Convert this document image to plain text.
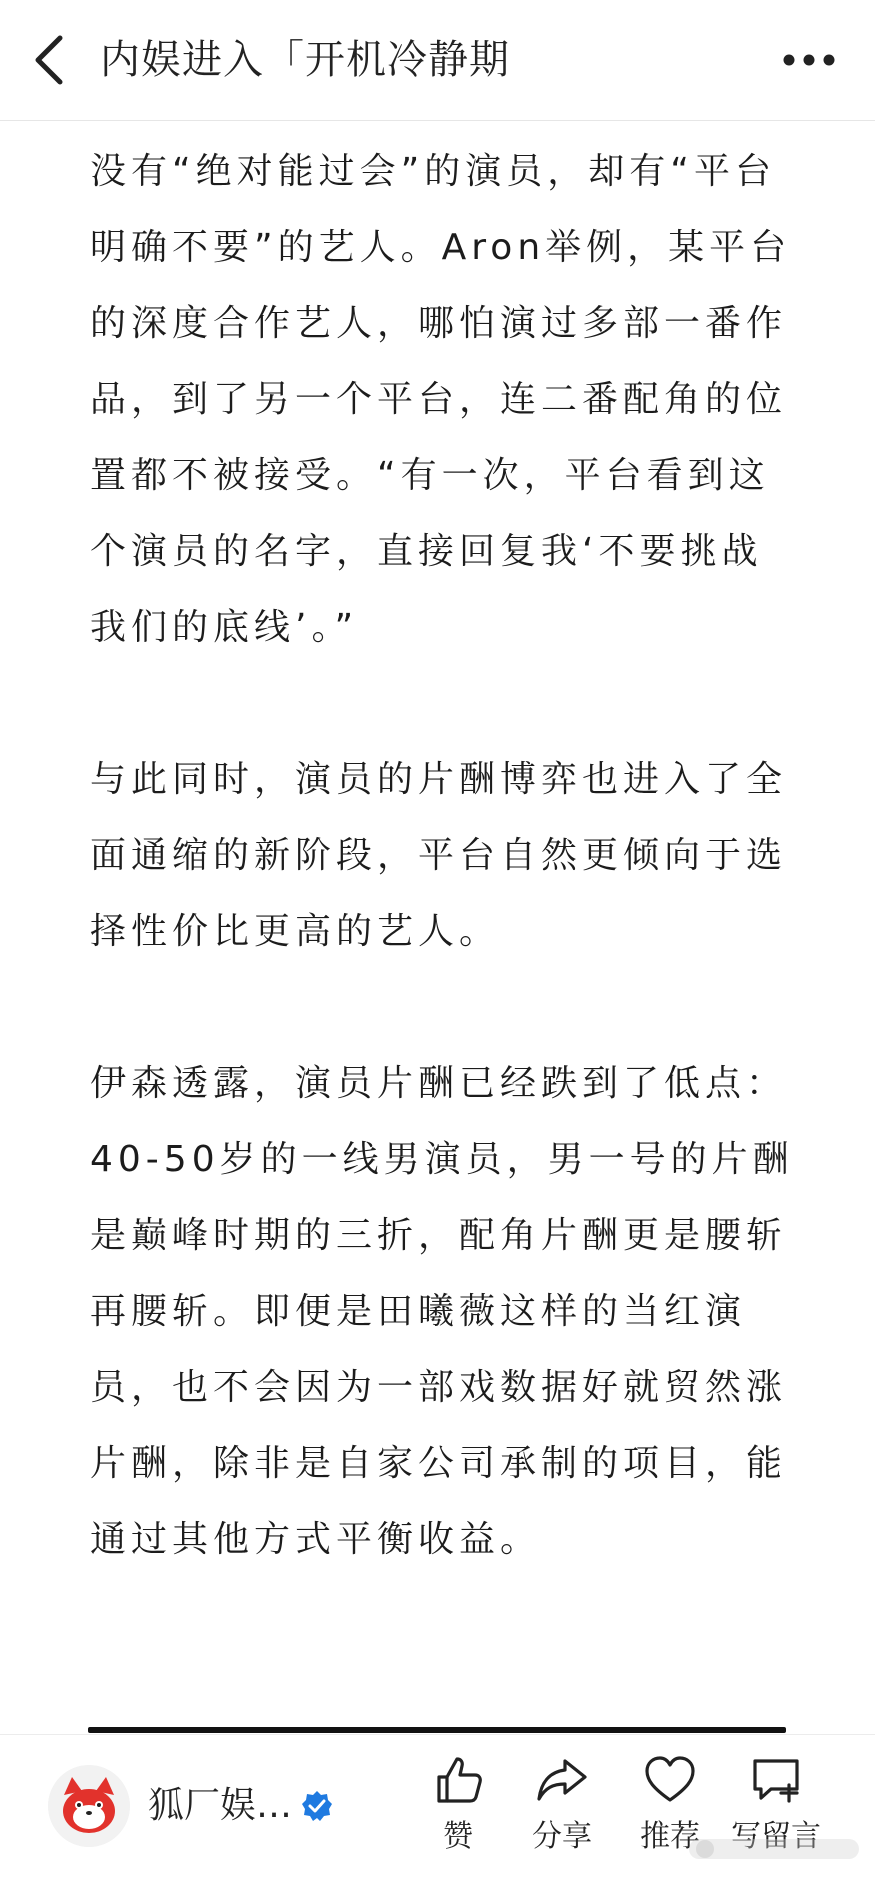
内娱进入「开机冷静期

没有“绝对能过会”的演员，却有“平台明确不要”的艺人。Aron举例，某平台的深度合作艺人，哪怕演过多部一番作品，到了另一个平台，连二番配角的位置都不被接受。“有一次，平台看到这个演员的名字，直接回复我‘不要挑战我们的底线’。”

与此同时，演员的片酬博弈也进入了全面通缩的新阶段，平台自然更倾向于选择性价比更高的艺人。

伊森透露，演员片酬已经跌到了低点：40-50岁的一线男演员，男一号的片酬是巅峰时期的三折，配角片酬更是腰斩再腰斩。即便是田曦薇这样的当红演员，也不会因为一部戏数据好就贸然涨片酬，除非是自家公司承制的项目，能通过其他方式平衡收益。

狐厂娱…
赞	分享	推荐	写留言
